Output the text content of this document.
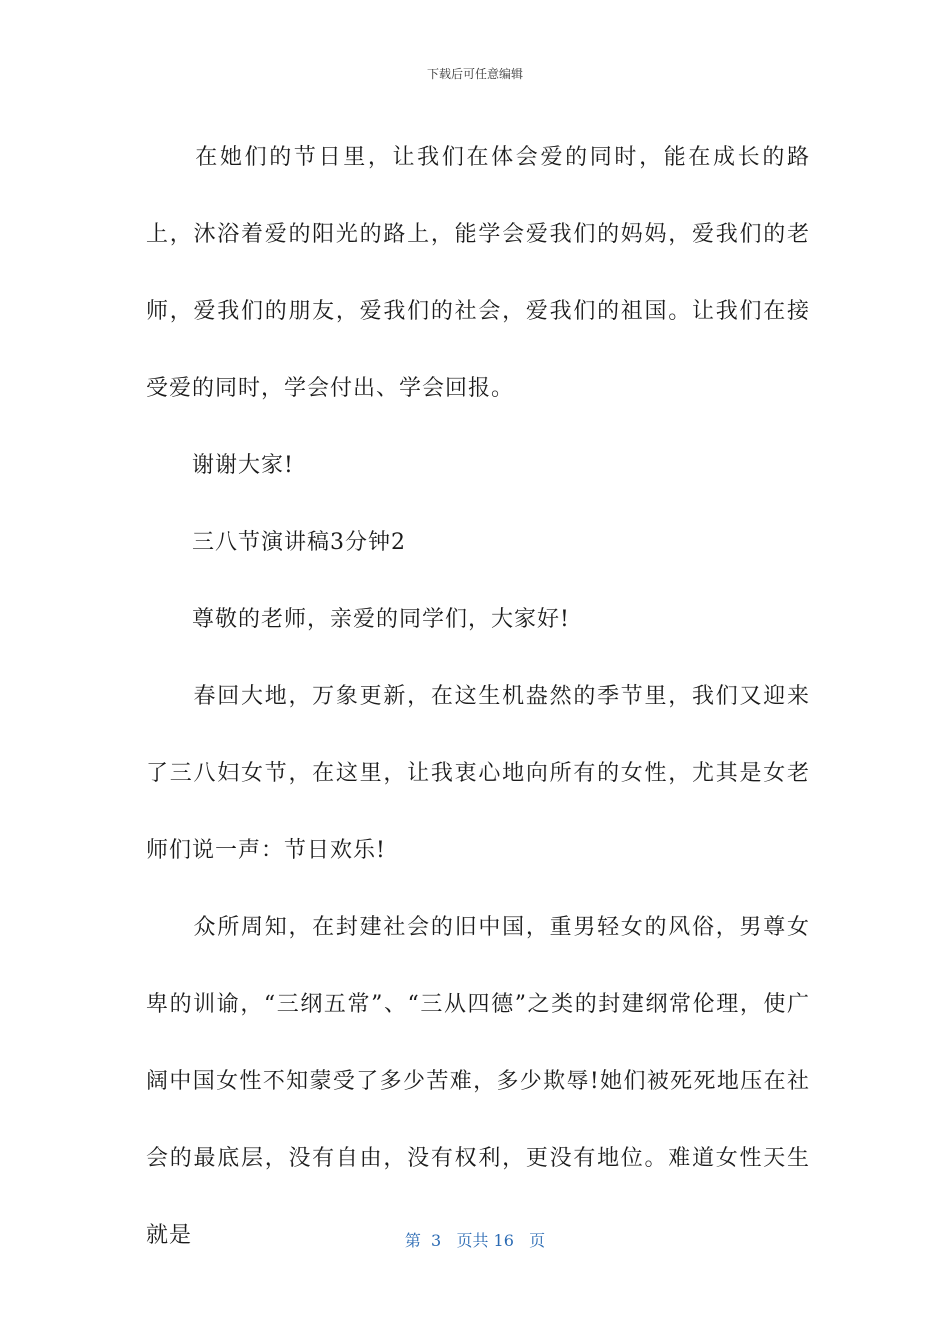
下载后可任意编辑

　　在她们的节日里，让我们在体会爱的同时，能在成长的路上，沐浴着爱的阳光的路上，能学会爱我们的妈妈，爱我们的老师，爱我们的朋友，爱我们的社会，爱我们的祖国。让我们在接受爱的同时，学会付出、学会回报。

　　谢谢大家!

　　三八节演讲稿3分钟2

　　尊敬的老师，亲爱的同学们，大家好!

　　春回大地，万象更新，在这生机盎然的季节里，我们又迎来了三八妇女节，在这里，让我衷心地向所有的女性，尤其是女老师们说一声：节日欢乐!

　　众所周知，在封建社会的旧中国，重男轻女的风俗，男尊女卑的训谕，“三纲五常”、“三从四德”之类的封建纲常伦理，使广阔中国女性不知蒙受了多少苦难，多少欺辱!她们被死死地压在社会的最底层，没有自由，没有权利，更没有地位。难道女性天生就是	第  3   页共 16   页
